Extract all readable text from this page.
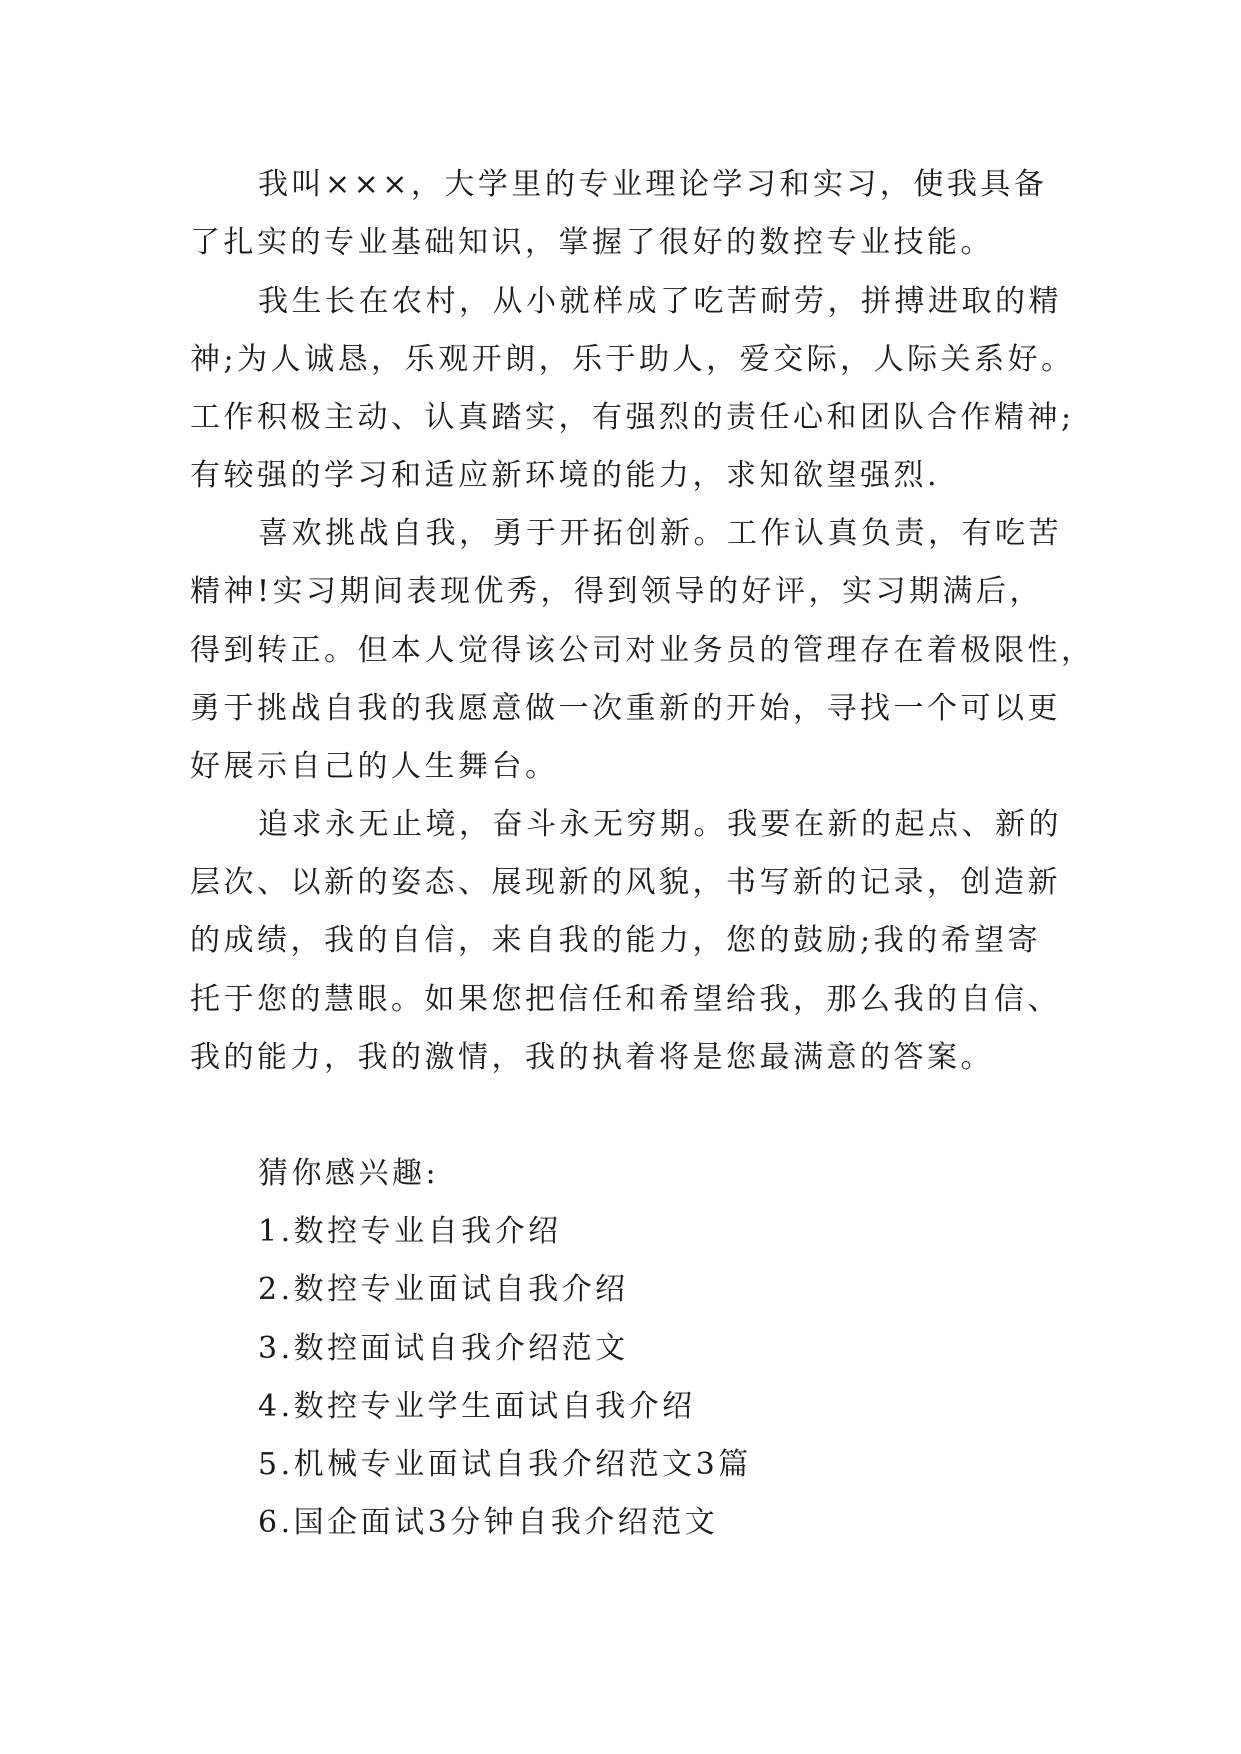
我叫×××，大学里的专业理论学习和实习，使我具备

了扎实的专业基础知识，掌握了很好的数控专业技能。

我生长在农村，从小就样成了吃苦耐劳，拼搏进取的精

神;为人诚恳，乐观开朗，乐于助人，爱交际，人际关系好。

工作积极主动、认真踏实，有强烈的责任心和团队合作精神;

有较强的学习和适应新环境的能力，求知欲望强烈.

喜欢挑战自我，勇于开拓创新。工作认真负责，有吃苦

精神!实习期间表现优秀，得到领导的好评，实习期满后，

得到转正。但本人觉得该公司对业务员的管理存在着极限性，

勇于挑战自我的我愿意做一次重新的开始，寻找一个可以更

好展示自己的人生舞台。

追求永无止境，奋斗永无穷期。我要在新的起点、新的

层次、以新的姿态、展现新的风貌，书写新的记录，创造新

的成绩，我的自信，来自我的能力，您的鼓励;我的希望寄

托于您的慧眼。如果您把信任和希望给我，那么我的自信、

我的能力，我的激情，我的执着将是您最满意的答案。

猜你感兴趣:

1.数控专业自我介绍

2.数控专业面试自我介绍

3.数控面试自我介绍范文

4.数控专业学生面试自我介绍

5.机械专业面试自我介绍范文3篇

6.国企面试3分钟自我介绍范文
